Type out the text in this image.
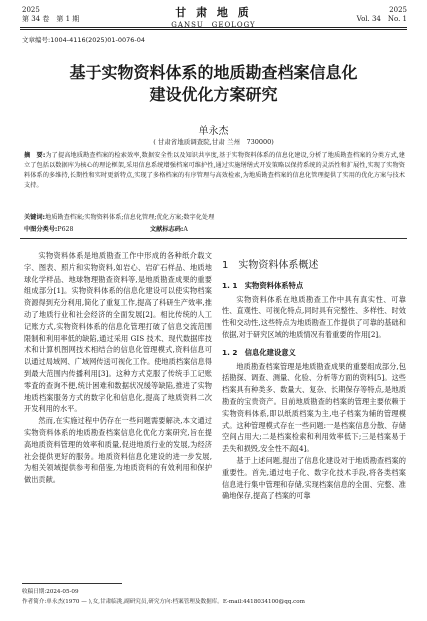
2025
第 34 卷　第 1 期	甘 肃 地 质
GANSU　GEOLOGY
2025
Vol. 34　No. 1
文章编号:1004-4116(2025)01-0076-04
基于实物资料体系的地质勘查档案信息化
建设优化方案研究
单永杰
( 甘肃省地质调查院,甘肃 兰州　730000)
摘　要:为了提高地质勘查档案的检索效率,数据安全性以及知识共享度,基于实物资料体系的信息化建设,分析了地质勘查档案的分类方式,建立了包括以数据库为核心的理论框架,采用信息系统增强档案可维护性,通过实施缮缮式开发策略以保持系统的灵活性和扩展性,实现了实物资料体系的多维持,长期性和实时更新特点,实现了多格档案的有序管理与高效检索,为地质勘查档案的信息化管理提供了实用的优化方案与技术支持。
关键词:地质勘查档案;实物资料体系;信息化管理;优化方案;数字化处理
中图分类号:P628	文献标志码:A

实物资料体系是地质勘查工作中形成的各种纸介载文字、图表、照片和实物资料,如岩心、岩矿石样品、地质地球化学样品、地球物理勘查资料等,是地质勘查成果的重要组成部分[1]。实物资料体系的信息化建设可以使实物档案资源得到充分利用,简化了重复工作,提高了科研生产效率,推动了地质行业和社会经济的全面发展[2]。相比传统的人工记账方式,实物资料体系的信息化管理打破了信息交流范围限制和利用率低的缺陷,通过采用 GIS 技术、现代数据库技术和计算机图网技术相结合的信息化管理模式,资料信息可以通过局域网、广域网传送可视化工作。使地质档案信息得到最大范围内传播利用[3]。这种方式克服了传统手工记账零査的查询不便,统计困难和数据状况缓等缺陷,推进了实物地质档案服务方式的数字化和信息化,提高了地质资料二次开发利用的水平。

然而,在实施过程中仍存在一些问题需要解决,本文通过实物资料体系的地质勘查档案信息化优化方案研究,旨在提高地质资料管理的效率和质量,促进地质行业的发展,为经济社会提供更好的服务。地质资料信息化建设的进一步发展,为相关领域提供参考和借鉴,为地质资料的有效利用和保护做出贡献。

1　实物资料体系概述
1. 1　实物资料体系特点

实物资料体系在地质勘查工作中具有真实性、可靠性、直观性、可视化特点,同时具有完整性、多样性、时效性和交动性,这些特点为地质勘查工作提供了可靠的基础和依据,对于研究区域的地质情况有着重要的作用[2]。

1. 2　信息化建设意义

地质勘查档案管理是地质勘查成果的重要组成部分,包括勘探、调查、测量、化验、分析等方面的资料[5]。这些档案具有种类多、数量大、复杂、长期保存等特点,是地质勘查的宝贵资产。目前地质勘查的档案的管理主要依赖于实物资料体系,即以纸质档案为主,电子档案为辅的管理模式。这种管理模式存在一些问题:一是档案信息分散、存储空间占用大;二是档案检索和利用效率低下;三是档案易于丢失和损毁,安全性不高[4]。

基于上述问题,提出了信息化建设对于地质勘查档案的重要性。首先,通过电子化、数字化技术手段,将各类档案信息进行集中管理和存储,实现档案信息的全面、完整、准确地保存,提高了档案的可靠

收稿日期:2024-05-09
作者简介:单永杰(1970 — ),女,甘肃临洮,副研究员,研究方向:档案管理及数据库。E-mail:4418034100@qq.com
